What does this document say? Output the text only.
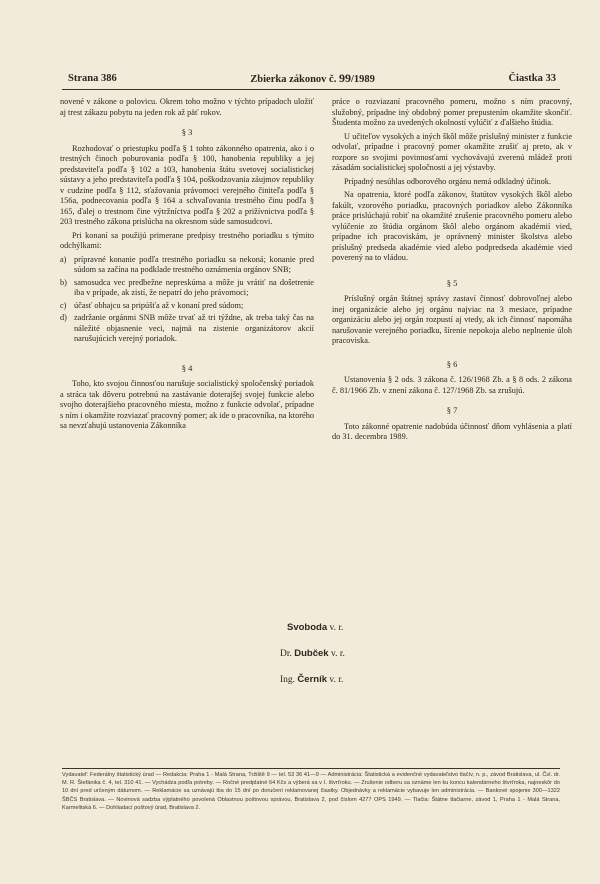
Strana 386	Zbierka zákonov č. 99/1989	Čiastka 33

novené v zákone o polovicu. Okrem toho možno v týchto prípadoch uložiť aj trest zákazu pobytu na jeden rok až päť rokov.

§ 3

Rozhodovať o priestupku podľa § 1 tohto zákonného opatrenia, ako i o trestných činoch poburovania podľa § 100, hanobenia republiky a jej predstaviteľa podľa § 102 a 103, hanobenia štátu svetovej socialistickej sústavy a jeho predstaviteľa podľa § 104, poškodzovania záujmov republiky v cudzine podľa § 112, sťažovania právomoci verejného činiteľa podľa § 156a, podnecovania podľa § 164 a schvaľovania trestného činu podľa § 165, ďalej o trestnom čine výtržníctva podľa § 202 a prižívnictva podľa § 203 trestného zákona prislúcha na okresnom súde samosudcovi.

Pri konaní sa použijú primerane predpisy trestného poriadku s týmito odchýlkami:

a) prípravné konanie podľa trestného poriadku sa nekoná; konanie pred súdom sa začína na podklade trestného oznámenia orgánov SNB;
b) samosudca vec predbežne nepreskúma a môže ju vrátiť na došetrenie iba v prípade, ak zistí, že nepatrí do jeho právomoci;
c) účasť obhajcu sa pripúšťa až v konaní pred súdom;
d) zadržanie orgánmi SNB môže trvať až tri týždne, ak treba taký čas na náležité objasnenie veci, najmä na zistenie organizátorov akcií narušujúcich verejný poriadok.
§ 4

Toho, kto svojou činnosťou narušuje socialistický spoločenský poriadok a stráca tak dôveru potrebnú na zastávanie doterajšej svojej funkcie alebo svojho doterajšieho pracovného miesta, možno z funkcie odvolať, prípadne s ním i okamžite rozviazať pracovný pomer; ak ide o pracovníka, na ktorého sa nevzťahujú ustanovenia Zákonníka

práce o rozviazaní pracovného pomeru, možno s ním pracovný, služobný, prípadne iný obdobný pomer prepustením okamžite skončiť. Študenta možno za uvedených okolností vylúčiť z ďalšieho štúdia.

U učiteľov vysokých a iných škôl môže príslušný minister z funkcie odvolať, prípadne i pracovný pomer okamžite zrušiť aj preto, ak v rozpore so svojimi povinnosťami vychovávajú zverenú mládež proti zásadám socialistickej spoločnosti a jej výstavby.

Prípadný nesúhlas odborového orgánu nemá odkladný účinok.

Na opatrenia, ktoré podľa zákonov, štatútov vysokých škôl alebo fakúlt, vzorového poriadku, pracovných poriadkov alebo Zákonníka práce prislúchajú robiť na okamžité zrušenie pracovného pomeru alebo vylúčenie zo štúdia orgánom škôl alebo orgánom akadémií vied, prípadne ich pracoviskám, je oprávnený minister školstva alebo príslušný predseda akadémie vied alebo podpredseda akadémie vied poverený na to vládou.

§ 5

Príslušný orgán štátnej správy zastaví činnosť dobrovoľnej alebo inej organizácie alebo jej orgánu najviac na 3 mesiace, prípadne organizáciu alebo jej orgán rozpustí aj vtedy, ak ich činnosť napomáha narušovanie verejného poriadku, šírenie nepokoja alebo neplnenie úloh pracoviska.

§ 6

Ustanovenia § 2 ods. 3 zákona č. 126/1968 Zb. a § 8 ods. 2 zákona č. 81/1966 Zb. v znení zákona č. 127/1968 Zb. sa zrušujú.

§ 7

Toto zákonné opatrenie nadobúda účinnosť dňom vyhlásenia a platí do 31. decembra 1989.

Svoboda v. r.
Dr. Dubček v. r.
Ing. Černík v. r.
Vydavateľ: Federálny štatistický úrad — Redakcia: Praha 1 - Malá Strana, Tržiště 9 — tel. 53 36 41—9 — Administrácia: Štatistická a evidenčné vydavateľstvo tlačív, n. p., závod Bratislava, ul. Čsl. dr. M. R. Štefánika č. 4, tel. 310 41. — Vychádza podľa potreby. — Ročné predplatné 64 Kčs a výberá sa v I. štvrťroku. — Zrušenie odberu sa oznáme len ku koncu kalendárneho štvrťroka, najneskôr do 10 dní pred určeným dátumom. — Reklamácie sa uznávajú iba do 15 dní po doručení reklamovanej čiastky. Objednávky a reklamácie vybavuje len administrácia. — Bankové spojenie 300—1322 ŠBČS Bratislava. — Novinová sadzba výplatného povolená Oblastnou poštovou správou, Bratislava 2, pod číslom 4277 OPS 1949. — Tlačia: Štátne tlačiarne, závod 1, Praha 1 - Malá Strana, Karmelitská 6. — Dohliadací poštový úrad, Bratislava 2.
